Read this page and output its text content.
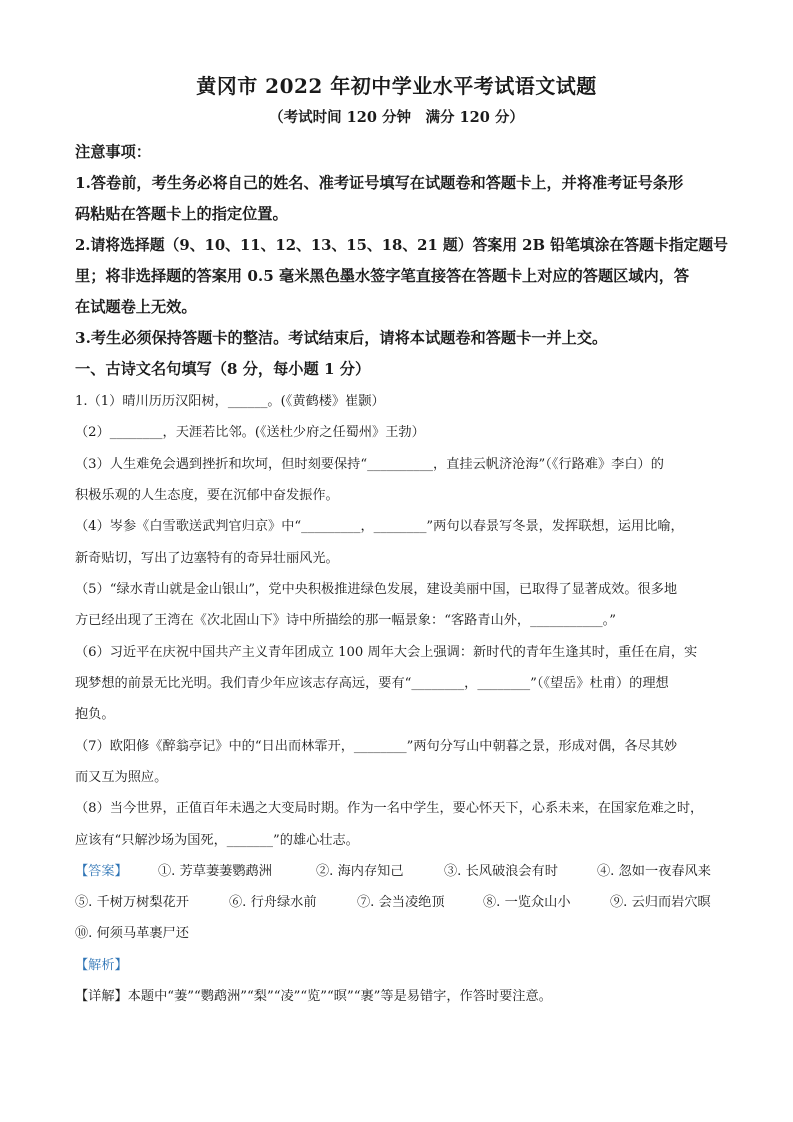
黄冈市 2022 年初中学业水平考试语文试题
（考试时间 120 分钟　满分 120 分）
注意事项：
1.答卷前，考生务必将自己的姓名、准考证号填写在试题卷和答题卡上，并将准考证号条形
码粘贴在答题卡上的指定位置。
2.请将选择题（9、10、11、12、13、15、18、21 题）答案用 2B 铅笔填涂在答题卡指定题号
里；将非选择题的答案用 0.5 毫米黑色墨水签字笔直接答在答题卡上对应的答题区域内，答
在试题卷上无效。
3.考生必须保持答题卡的整洁。考试结束后，请将本试题卷和答题卡一并上交。
一、古诗文名句填写（8 分，每小题 1 分）
1.（1）晴川历历汉阳树，______。(《黄鹤楼》崔颢）
（2）________，天涯若比邻。(《送杜少府之任蜀州》王勃）
（3）人生难免会遇到挫折和坎坷，但时刻要保持“__________，直挂云帆济沧海”（《行路难》李白）的
积极乐观的人生态度，要在沉郁中奋发振作。
（4）岑参《白雪歌送武判官归京》中“_________，________”两句以春景写冬景，发挥联想，运用比喻，
新奇贴切，写出了边塞特有的奇异壮丽风光。
（5）“绿水青山就是金山银山”，党中央积极推进绿色发展，建设美丽中国，已取得了显著成效。很多地
方已经出现了王湾在《次北固山下》诗中所描绘的那一幅景象：“客路青山外，___________。”
（6）习近平在庆祝中国共产主义青年团成立 100 周年大会上强调：新时代的青年生逢其时，重任在肩，实
现梦想的前景无比光明。我们青少年应该志存高远，要有“________，________”（《望岳》杜甫）的理想
抱负。
（7）欧阳修《醉翁亭记》中的“日出而林霏开，________”两句分写山中朝暮之景，形成对偶，各尽其妙
而又互为照应。
（8）当今世界，正值百年未遇之大变局时期。作为一名中学生，要心怀天下，心系未来，在国家危难之时，
应该有“只解沙场为国死，_______”的雄心壮志。
【答案】 ①. 芳草萋萋鹦鹉洲	②. 海内存知己	③. 长风破浪会有时	④. 忽如一夜春风来
⑤. 千树万树梨花开	⑥. 行舟绿水前	⑦. 会当凌绝顶	⑧. 一览众山小	⑨. 云归而岩穴暝
⑩. 何须马革裹尸还
【解析】
【详解】本题中“萋”“鹦鹉洲”“梨”“凌”“览”“暝”“裹”等是易错字，作答时要注意。
